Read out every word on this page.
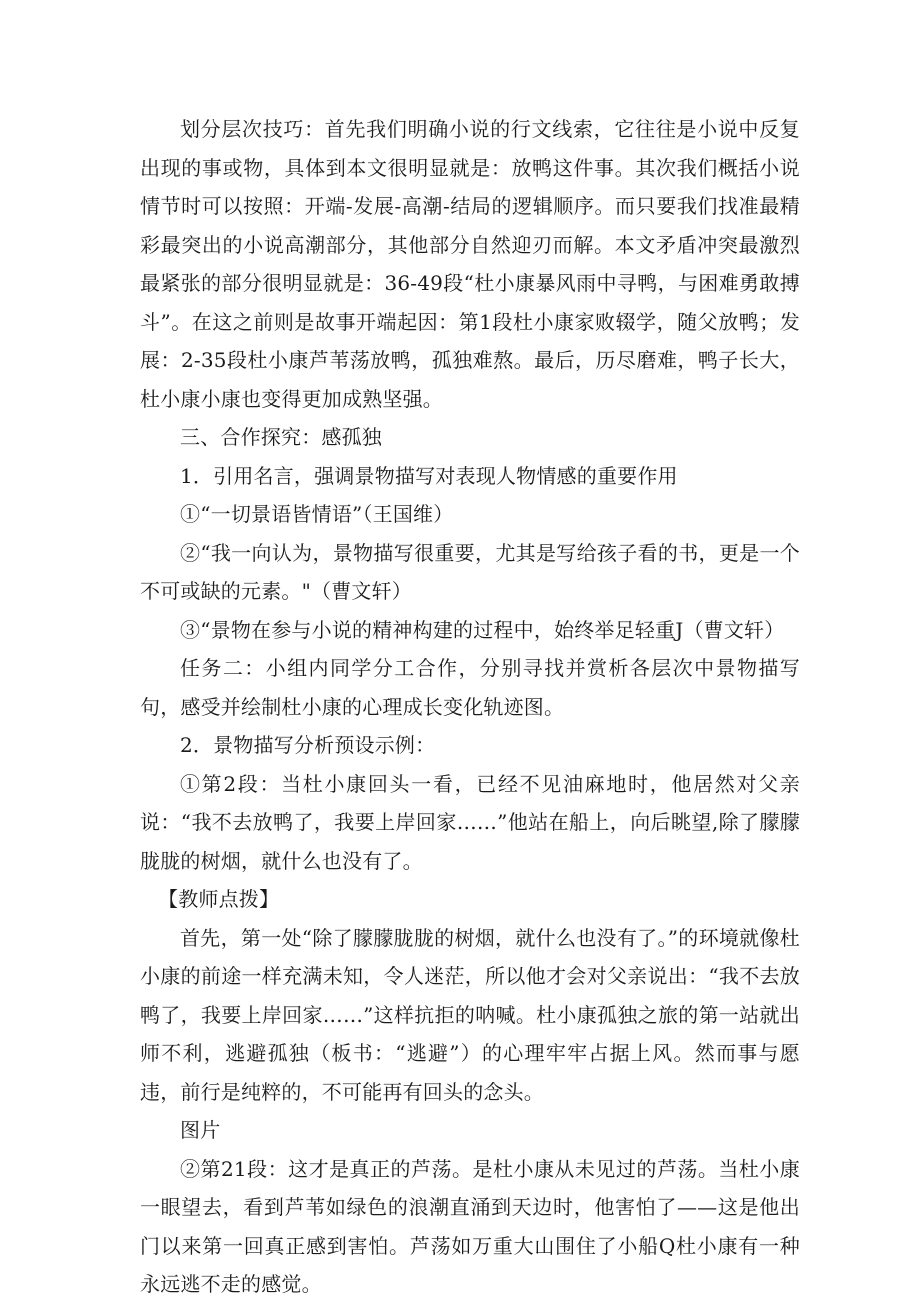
划分层次技巧：首先我们明确小说的行文线索，它往往是小说中反复出现的事或物，具体到本文很明显就是：放鸭这件事。其次我们概括小说情节时可以按照：开端-发展-高潮-结局的逻辑顺序。而只要我们找准最精彩最突出的小说高潮部分，其他部分自然迎刃而解。本文矛盾冲突最激烈最紧张的部分很明显就是：36-49段“杜小康暴风雨中寻鸭，与困难勇敢搏斗”。在这之前则是故事开端起因：第1段杜小康家败辍学，随父放鸭；发展：2-35段杜小康芦苇荡放鸭，孤独难熬。最后，历尽磨难，鸭子长大，杜小康小康也变得更加成熟坚强。

三、合作探究：感孤独

1．引用名言，强调景物描写对表现人物情感的重要作用

①“一切景语皆情语”（王国维）

②“我一向认为，景物描写很重要，尤其是写给孩子看的书，更是一个不可或缺的元素。"（曹文轩）

③“景物在参与小说的精神构建的过程中，始终举足轻重J（曹文轩）

任务二：小组内同学分工合作，分别寻找并赏析各层次中景物描写句，感受并绘制杜小康的心理成长变化轨迹图。

2．景物描写分析预设示例：

①第2段：当杜小康回头一看，已经不见油麻地时，他居然对父亲说：“我不去放鸭了，我要上岸回家……”他站在船上，向后眺望,除了朦朦胧胧的树烟，就什么也没有了。

【教师点拨】

首先，第一处“除了朦朦胧胧的树烟，就什么也没有了。”的环境就像杜小康的前途一样充满未知，令人迷茫，所以他才会对父亲说出：“我不去放鸭了，我要上岸回家……”这样抗拒的呐喊。杜小康孤独之旅的第一站就出师不利，逃避孤独（板书：“逃避”）的心理牢牢占据上风。然而事与愿违，前行是纯粹的，不可能再有回头的念头。

图片

②第21段：这才是真正的芦荡。是杜小康从未见过的芦荡。当杜小康一眼望去，看到芦苇如绿色的浪潮直涌到天边时，他害怕了——这是他出门以来第一回真正感到害怕。芦荡如万重大山围住了小船Q杜小康有一种永远逃不走的感觉。
